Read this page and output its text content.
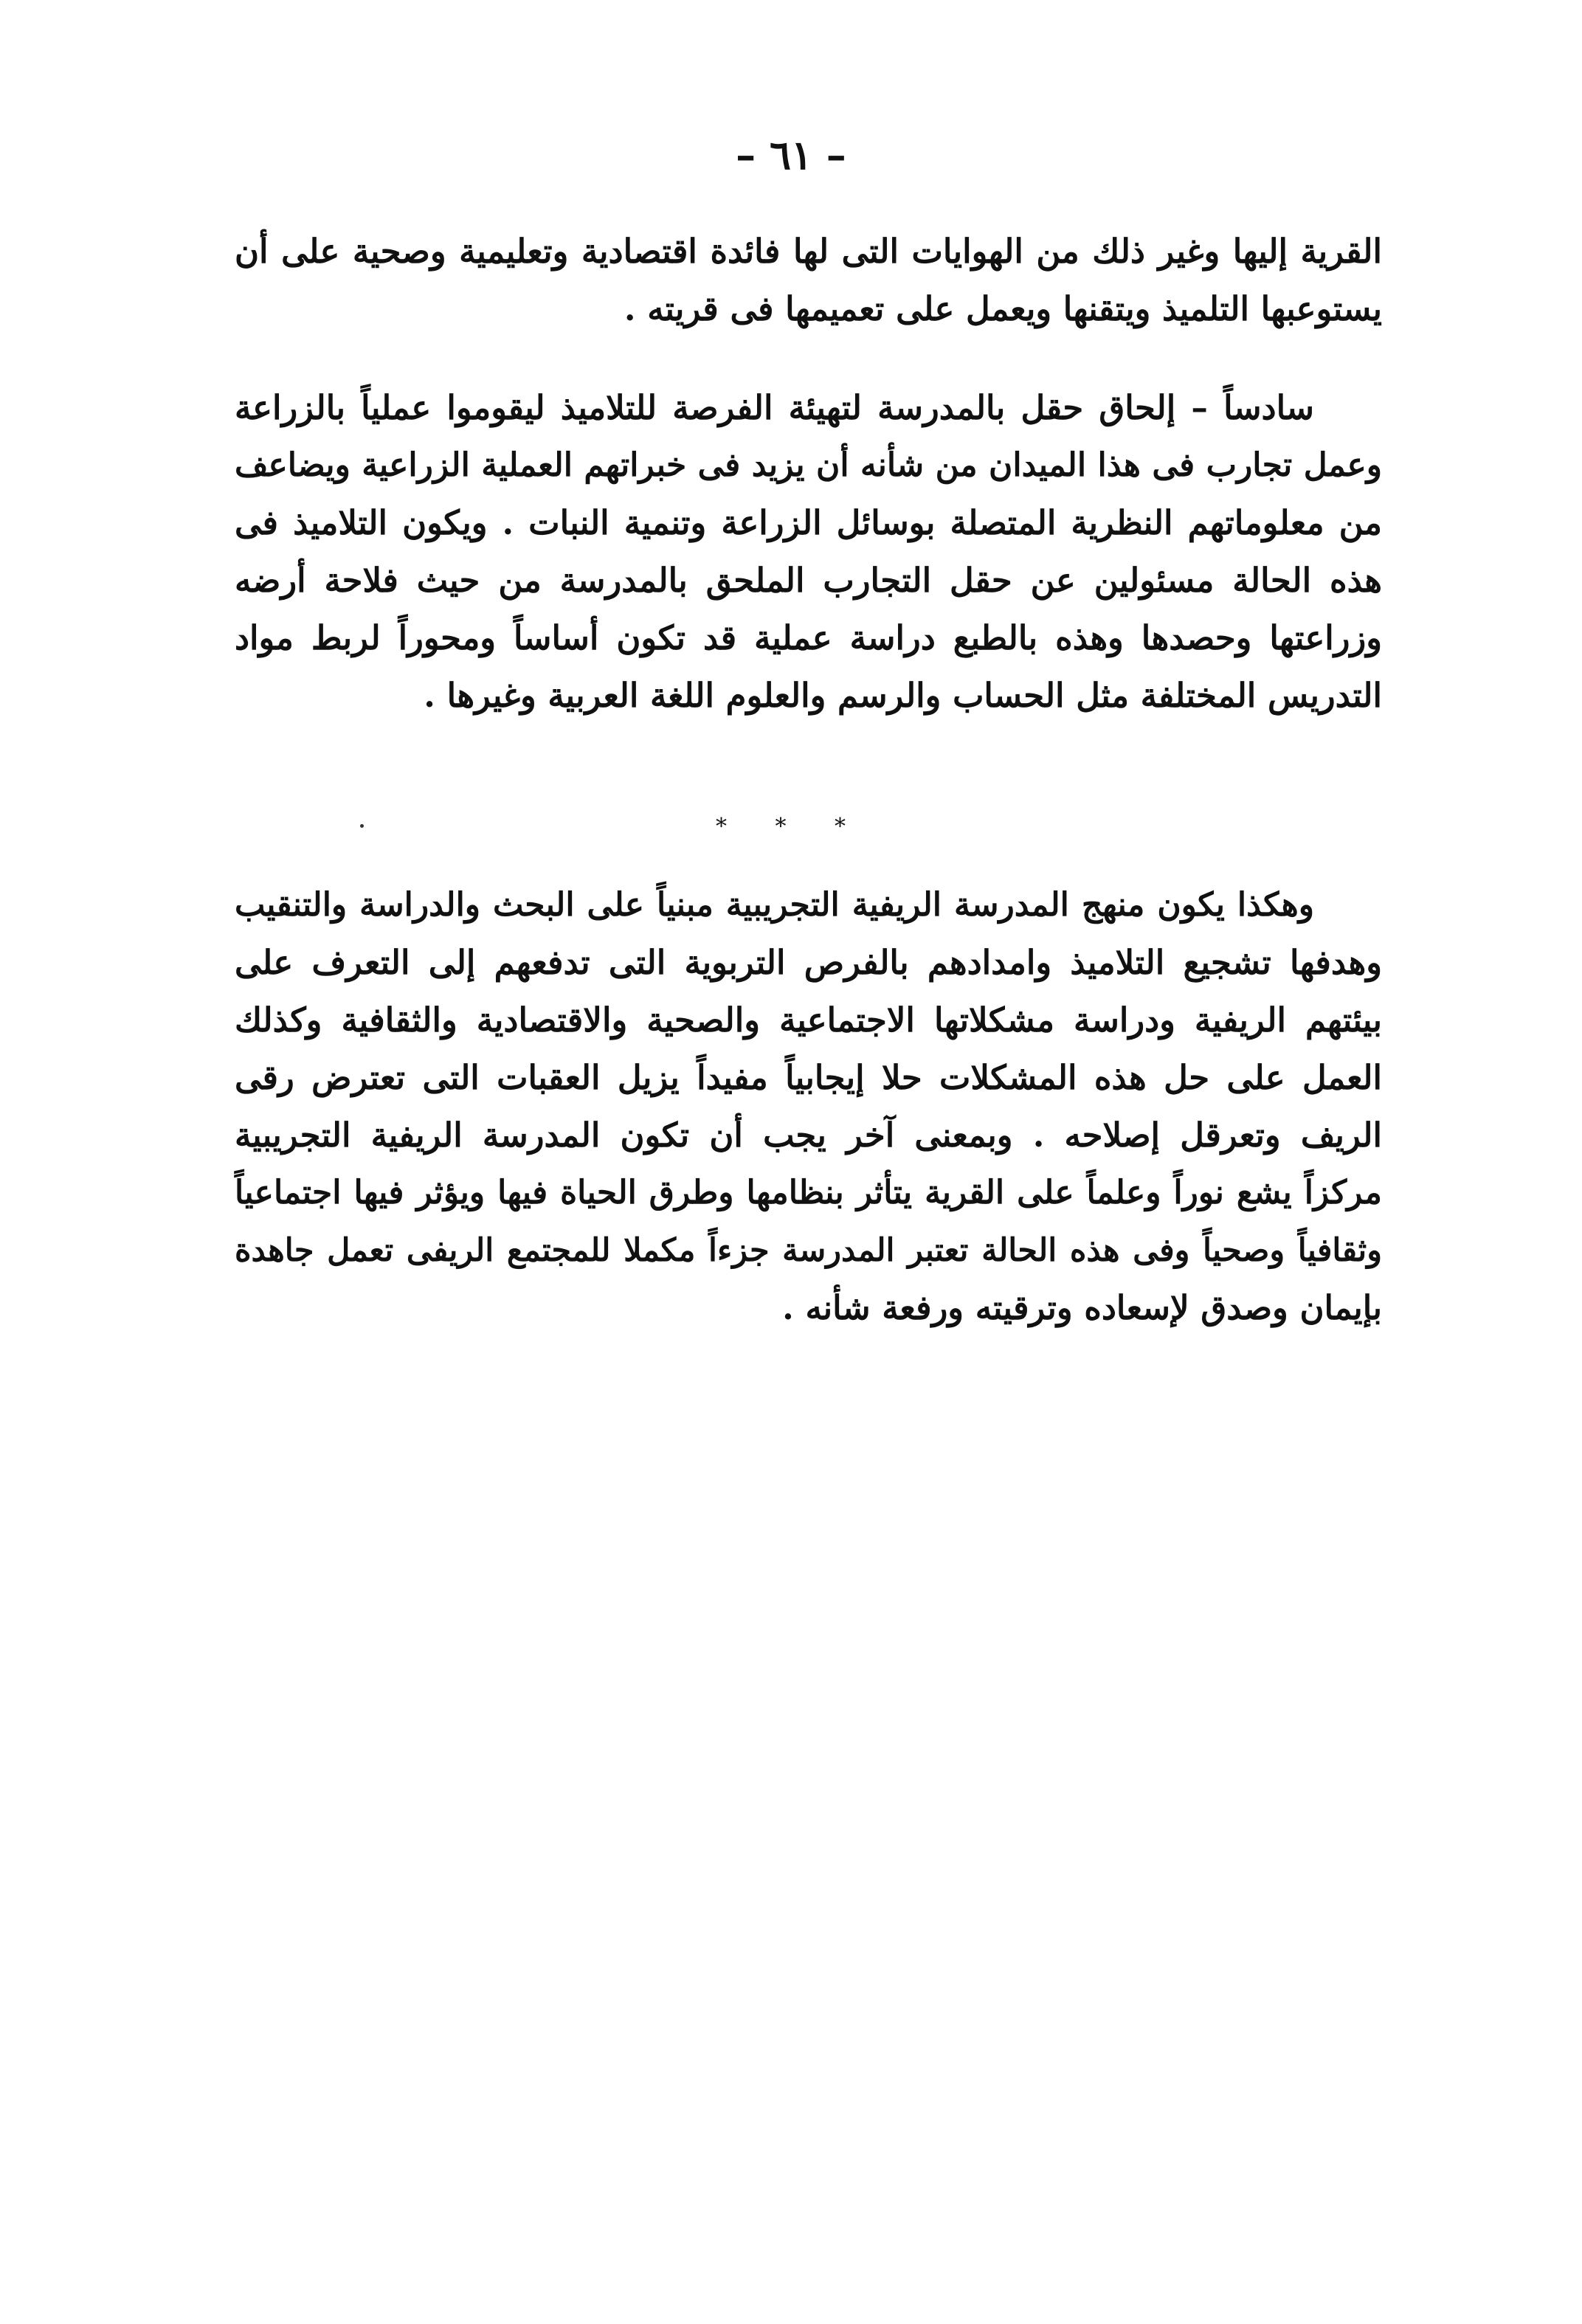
– ٦١ –
القرية إليها وغير ذلك من الهوايات التى لها فائدة اقتصادية وتعليمية وصحية على أن
يستوعبها التلميذ ويتقنها ويعمل على تعميمها فى قريته .
سادساً – إلحاق حقل بالمدرسة لتهيئة الفرصة للتلاميذ ليقوموا عملياً بالزراعة
وعمل تجارب فى هذا الميدان من شأنه أن يزيد فى خبراتهم العملية الزراعية ويضاعف
من معلوماتهم النظرية المتصلة بوسائل الزراعة وتنمية النبات . ويكون التلاميذ فى
هذه الحالة مسئولين عن حقل التجارب الملحق بالمدرسة من حيث فلاحة أرضه
وزراعتها وحصدها وهذه بالطبع دراسة عملية قد تكون أساساً ومحوراً لربط مواد
التدريس المختلفة مثل الحساب والرسم والعلوم اللغة العربية وغيرها .
* * *
وهكذا يكون منهج المدرسة الريفية التجريبية مبنياً على البحث والدراسة والتنقيب
وهدفها تشجيع التلاميذ وامدادهم بالفرص التربوية التى تدفعهم إلى التعرف على
بيئتهم الريفية ودراسة مشكلاتها الاجتماعية والصحية والاقتصادية والثقافية وكذلك
العمل على حل هذه المشكلات حلا إيجابياً مفيداً يزيل العقبات التى تعترض رقى
الريف وتعرقل إصلاحه . وبمعنى آخر يجب أن تكون المدرسة الريفية التجريبية
مركزاً يشع نوراً وعلماً على القرية يتأثر بنظامها وطرق الحياة فيها ويؤثر فيها اجتماعياً
وثقافياً وصحياً وفى هذه الحالة تعتبر المدرسة جزءاً مكملا للمجتمع الريفى تعمل جاهدة
بإيمان وصدق لإسعاده وترقيته ورفعة شأنه .
